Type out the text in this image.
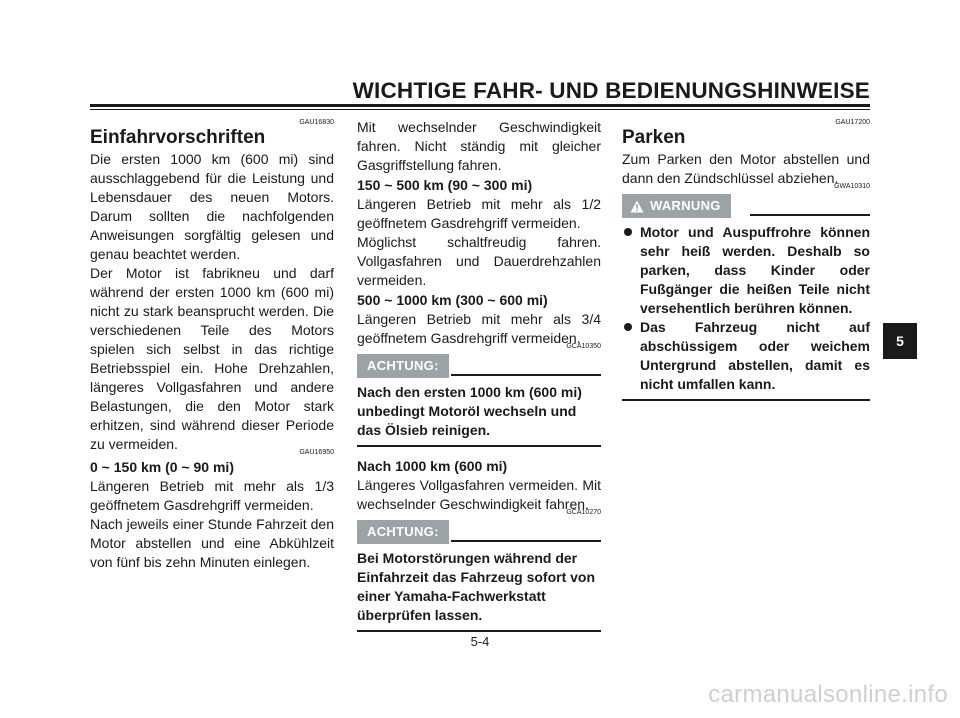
WICHTIGE FAHR- UND BEDIENUNGSHINWEISE
GAU16830
Einfahrvorschriften

Die ersten 1000 km (600 mi) sind ausschlaggebend für die Leistung und Lebensdauer des neuen Motors. Darum sollten die nachfolgenden Anweisungen sorgfältig gelesen und genau beachtet werden.

Der Motor ist fabrikneu und darf während der ersten 1000 km (600 mi) nicht zu stark beansprucht werden. Die verschiedenen Teile des Motors spielen sich selbst in das richtige Betriebsspiel ein. Hohe Drehzahlen, längeres Vollgasfahren und andere Belastungen, die den Motor stark erhitzen, sind während dieser Periode zu vermeiden.

GAU16950
0 ~ 150 km (0 ~ 90 mi)

Längeren Betrieb mit mehr als 1/3 geöffnetem Gasdrehgriff vermeiden.

Nach jeweils einer Stunde Fahrzeit den Motor abstellen und eine Abkühlzeit von fünf bis zehn Minuten einlegen.

Mit wechselnder Geschwindigkeit fahren. Nicht ständig mit gleicher Gasgriffstellung fahren.

150 ~ 500 km (90 ~ 300 mi)

Längeren Betrieb mit mehr als 1/2 geöffnetem Gasdrehgriff vermeiden.

Möglichst schaltfreudig fahren. Vollgasfahren und Dauerdrehzahlen vermeiden.

500 ~ 1000 km (300 ~ 600 mi)

Längeren Betrieb mit mehr als 3/4 geöffnetem Gasdrehgriff vermeiden.

GCA10350
ACHTUNG:

Nach den ersten 1000 km (600 mi) unbedingt Motoröl wechseln und das Ölsieb reinigen.

Nach 1000 km (600 mi)

Längeres Vollgasfahren vermeiden. Mit wechselnder Geschwindigkeit fahren.

GCA10270
ACHTUNG:

Bei Motorstörungen während der Einfahrzeit das Fahrzeug sofort von einer Yamaha-Fachwerkstatt überprüfen lassen.

GAU17200
Parken

Zum Parken den Motor abstellen und dann den Zündschlüssel abziehen.

GWA10310
WARNUNG
Motor und Auspuffrohre können sehr heiß werden. Deshalb so parken, dass Kinder oder Fußgänger die heißen Teile nicht versehentlich berühren können.
Das Fahrzeug nicht auf abschüssigem oder weichem Untergrund abstellen, damit es nicht umfallen kann.
5
5-4
carmanualsonline.info
